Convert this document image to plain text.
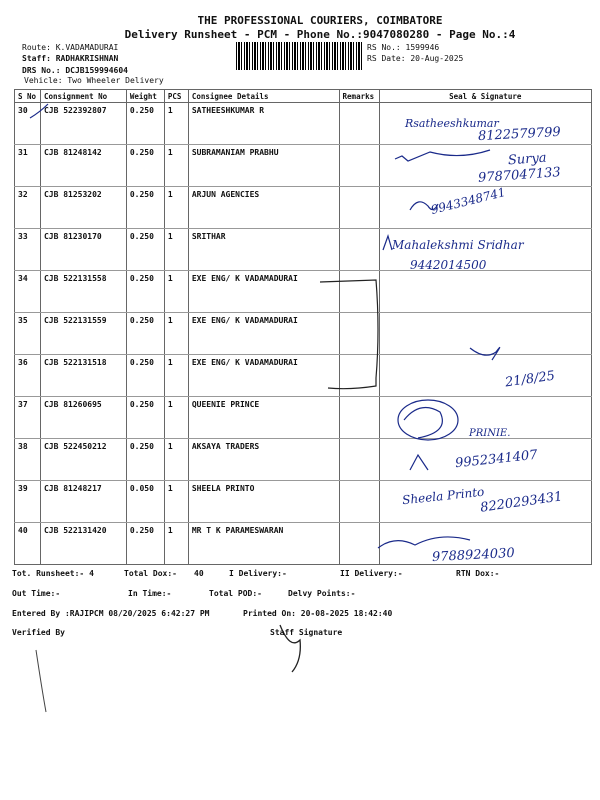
THE PROFESSIONAL COURIERS, COIMBATORE
Delivery Runsheet - PCM - Phone No.:9047080280 - Page No.:4
Route: K.VADAMADURAI
Staff: RADHAKRISHNAN
DRS No.: DCJB159994604
Vehicle: Two Wheeler Delivery
RS No.: 1599946
RS Date: 20-Aug-2025
S No	Consignment No	Weight	PCS	Consignee Details	Remarks	Seal & Signature
30	CJB 522392807	0.250	1	SATHEESHKUMAR R		
31	CJB 81248142	0.250	1	SUBRAMANIAM PRABHU		
32	CJB 81253202	0.250	1	ARJUN AGENCIES		
33	CJB 81230170	0.250	1	SRITHAR		
34	CJB 522131558	0.250	1	EXE ENG/ K VADAMADURAI		
35	CJB 522131559	0.250	1	EXE ENG/ K VADAMADURAI		
36	CJB 522131518	0.250	1	EXE ENG/ K VADAMADURAI		
37	CJB 81260695	0.250	1	QUEENIE PRINCE		
38	CJB 522450212	0.250	1	AKSAYA TRADERS		
39	CJB 81248217	0.050	1	SHEELA PRINTO		
40	CJB 522131420	0.250	1	MR T K PARAMESWARAN		
Rsatheeshkumar
8122579799
Surya
9787047133
9943348741
Mahalekshmi Sridhar
9442014500
21/8/25
PRINIE.
9952341407
Sheela Printo
8220293431
9788924030
Tot. Runsheet:- 4	Total Dox:- 40	I Delivery:-	II Delivery:-	RTN Dox:-
Out Time:-	In Time:-	Total POD:-	Delvy Points:-
Entered By :RAJIPCM 08/20/2025 6:42:27 PM	Printed On: 20-08-2025 18:42:40
Verified By	Staff Signature
